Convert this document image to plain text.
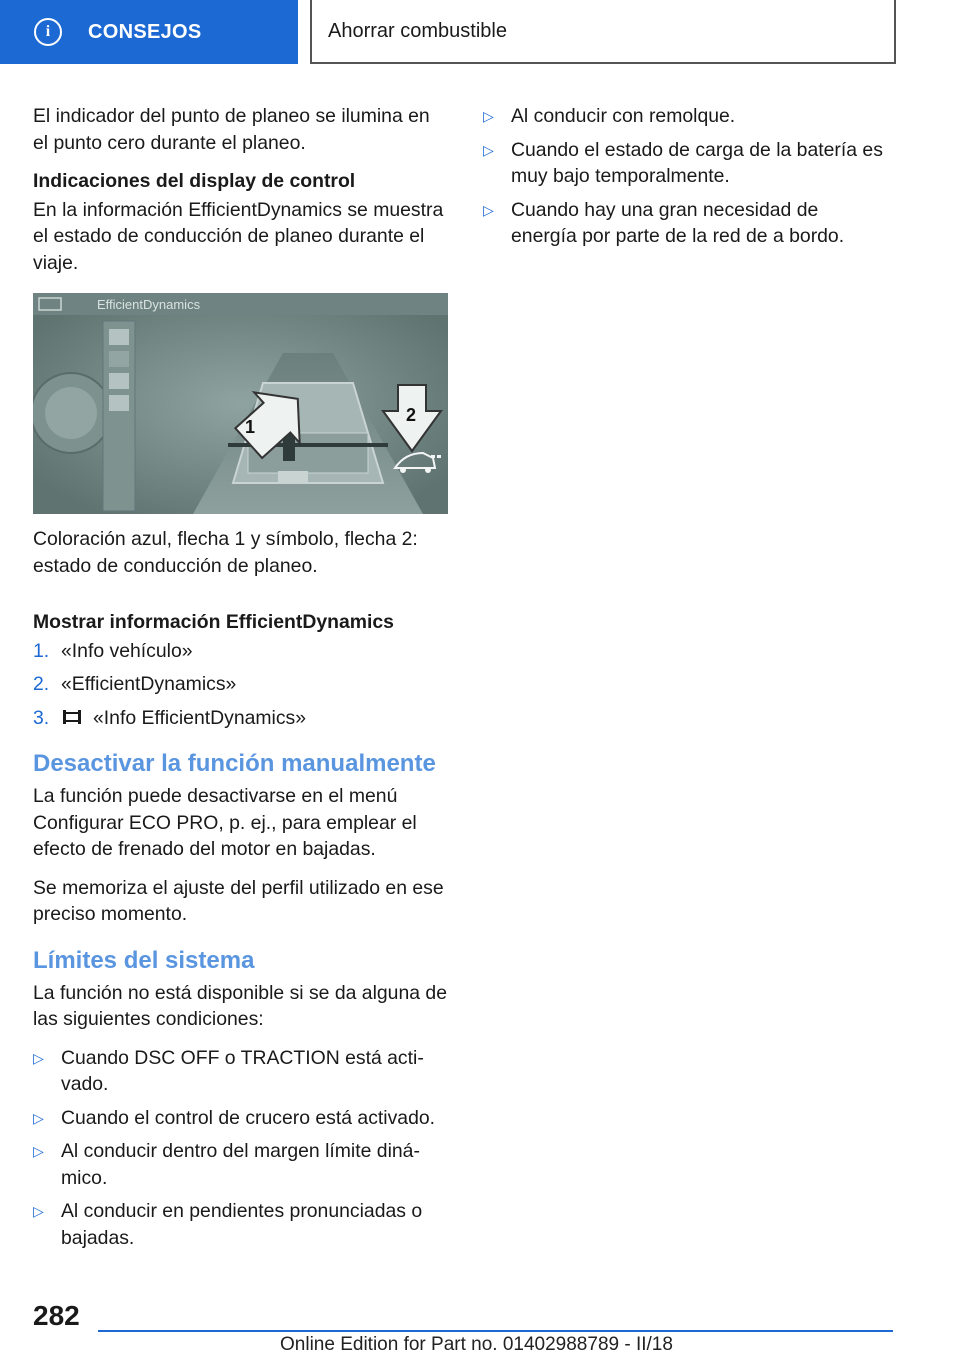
i	CONSEJOS	Ahorrar combustible

El indicador del punto de planeo se ilumina en el punto cero durante el planeo.

Indicaciones del display de control

En la información EfficientDynamics se muestra el estado de conducción de planeo durante el viaje.

EfficientDynamics
1
2

Coloración azul, flecha 1 y símbolo, flecha 2: estado de conducción de planeo.

Mostrar información EfficientDynamics
1. «Info vehículo»
2. «EfficientDynamics»
3. «Info EfficientDynamics»
Desactivar la función manualmente

La función puede desactivarse en el menú Configurar ECO PRO, p. ej., para emplear el efecto de frenado del motor en bajadas.

Se memoriza el ajuste del perfil utilizado en ese preciso momento.

Límites del sistema

La función no está disponible si se da alguna de las siguientes condiciones:

▷ Cuando DSC OFF o TRACTION está activado.
▷ Cuando el control de crucero está activado.
▷ Al conducir dentro del margen límite dinámico.
▷ Al conducir en pendientes pronunciadas o bajadas.
▷ Al conducir con remolque.
▷ Cuando el estado de carga de la batería es muy bajo temporalmente.
▷ Cuando hay una gran necesidad de energía por parte de la red de a bordo.
282
Online Edition for Part no. 01402988789 - II/18
